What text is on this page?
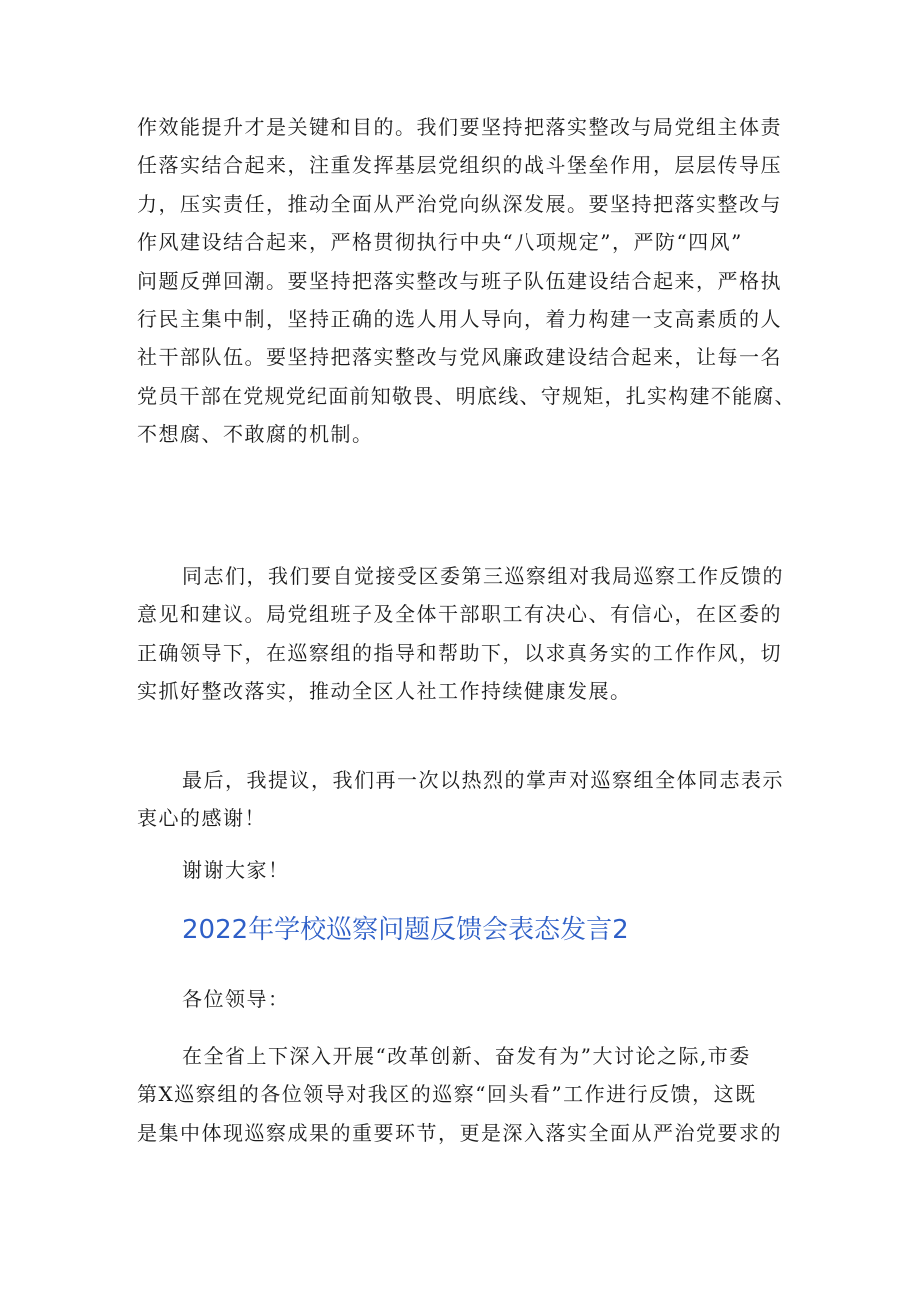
作效能提升才是关键和目的。我们要坚持把落实整改与局党组主体责
任落实结合起来，注重发挥基层党组织的战斗堡垒作用，层层传导压
力，压实责任，推动全面从严治党向纵深发展。要坚持把落实整改与
作风建设结合起来，严格贯彻执行中央“八项规定”，严防“四风”
问题反弹回潮。要坚持把落实整改与班子队伍建设结合起来，严格执
行民主集中制，坚持正确的选人用人导向，着力构建一支高素质的人
社干部队伍。要坚持把落实整改与党风廉政建设结合起来，让每一名
党员干部在党规党纪面前知敬畏、明底线、守规矩，扎实构建不能腐、
不想腐、不敢腐的机制。
同志们，我们要自觉接受区委第三巡察组对我局巡察工作反馈的
意见和建议。局党组班子及全体干部职工有决心、有信心，在区委的
正确领导下，在巡察组的指导和帮助下，以求真务实的工作作风，切
实抓好整改落实，推动全区人社工作持续健康发展。
最后，我提议，我们再一次以热烈的掌声对巡察组全体同志表示
衷心的感谢！
谢谢大家！
2022年学校巡察问题反馈会表态发言2
各位领导：
在全省上下深入开展“改革创新、奋发有为”大讨论之际,市委
第X巡察组的各位领导对我区的巡察“回头看”工作进行反馈，这既
是集中体现巡察成果的重要环节，更是深入落实全面从严治党要求的
